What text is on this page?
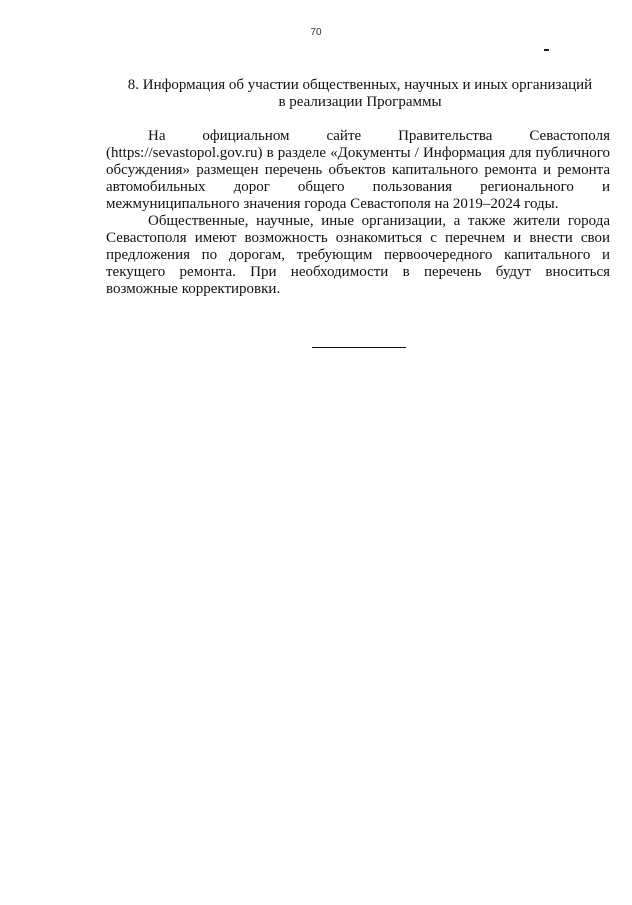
70
8. Информация об участии общественных, научных и иных организаций
в реализации Программы

На официальном сайте Правительства Севастополя (https://sevastopol.gov.ru) в разделе «Документы / Информация для публичного обсуждения» размещен перечень объектов капитального ремонта и ремонта автомобильных дорог общего пользования регионального и межмуниципального значения города Севастополя на 2019–2024 годы.

Общественные, научные, иные организации, а также жители города Севастополя имеют возможность ознакомиться с перечнем и внести свои предложения по дорогам, требующим первоочередного капитального и текущего ремонта. При необходимости в перечень будут вноситься возможные корректировки.
